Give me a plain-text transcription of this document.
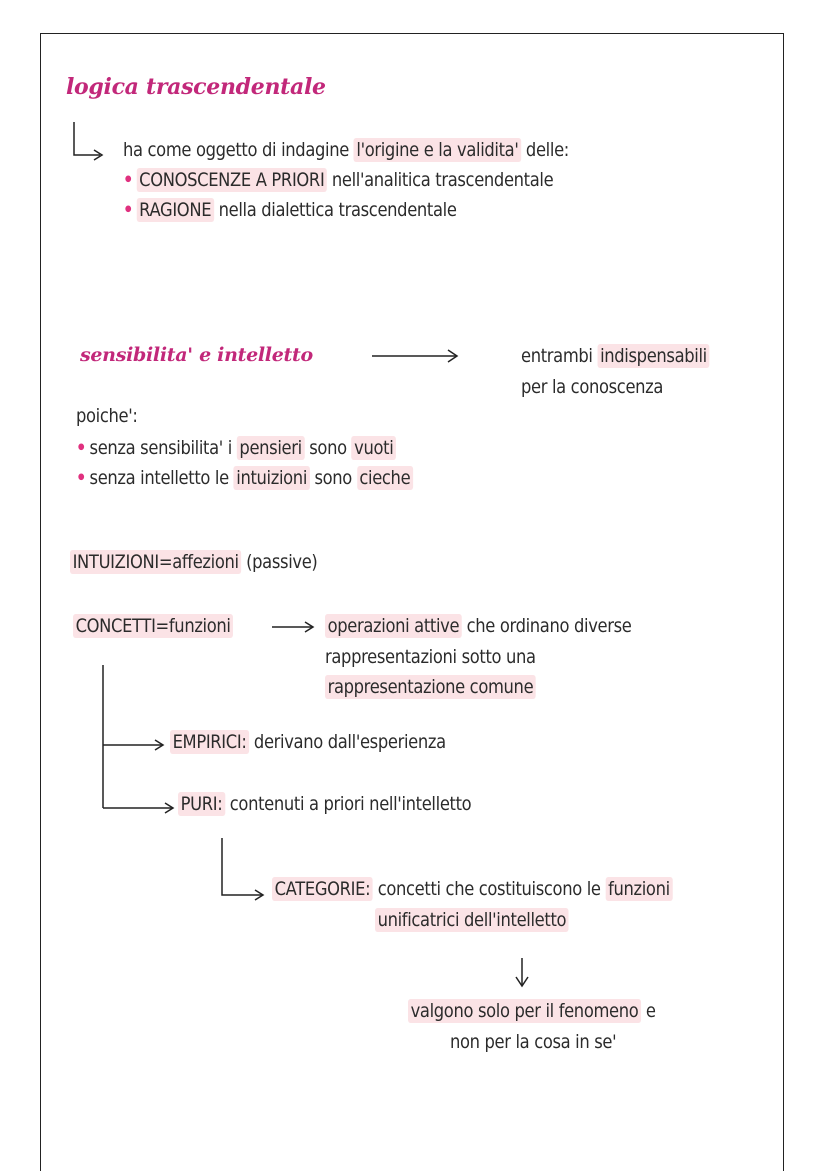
logica trascendentale
ha come oggetto di indagine l'origine e la validita' delle:
• CONOSCENZE A PRIORI nell'analitica trascendentale
• RAGIONE nella dialettica trascendentale
sensibilita' e intelletto	entrambi indispensabili
per la conoscenza
poiche':
• senza sensibilita' i pensieri sono vuoti
• senza intelletto le intuizioni sono cieche
INTUIZIONI=affezioni (passive)
CONCETTI=funzioni	operazioni attive che ordinano diverse
rappresentazioni sotto una
rappresentazione comune
EMPIRICI: derivano dall'esperienza
PURI: contenuti a priori nell'intelletto
CATEGORIE: concetti che costituiscono le funzioni
unificatrici dell'intelletto
valgono solo per il fenomeno e
non per la cosa in se'
